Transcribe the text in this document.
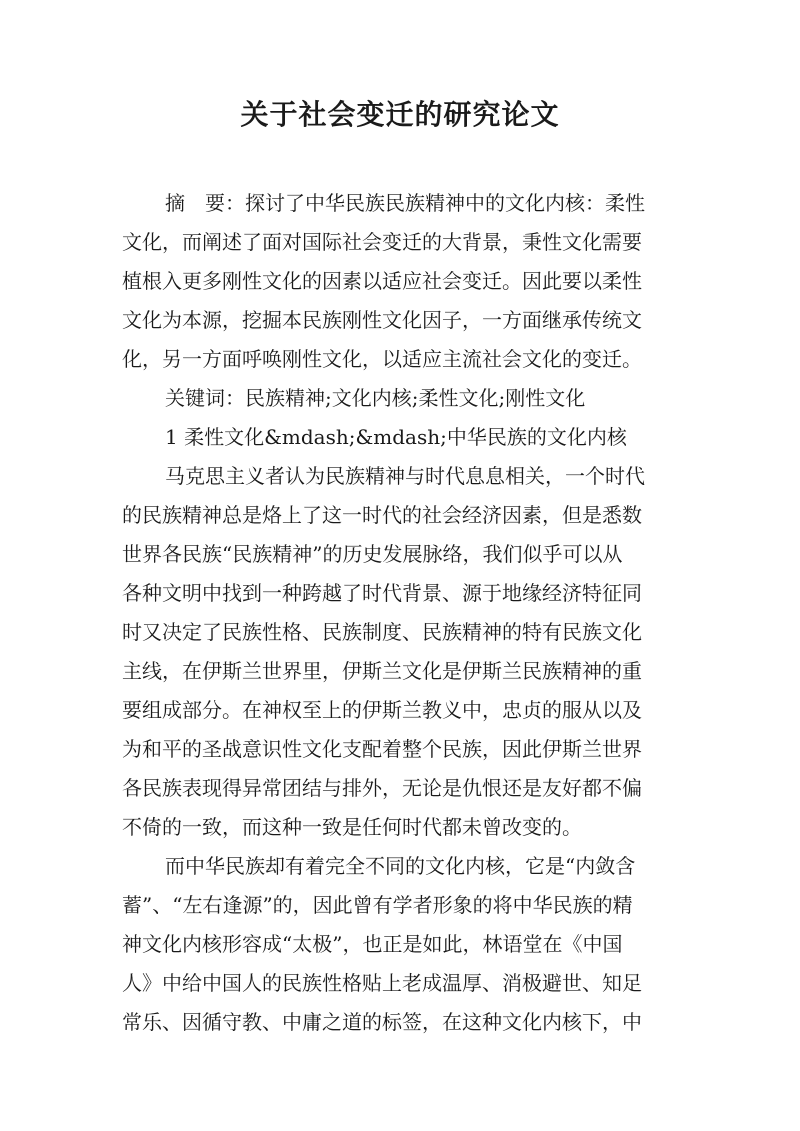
关于社会变迁的研究论文
摘　要：探讨了中华民族民族精神中的文化内核：柔性
文化，而阐述了面对国际社会变迁的大背景，秉性文化需要
植根入更多刚性文化的因素以适应社会变迁。因此要以柔性
文化为本源，挖掘本民族刚性文化因子，一方面继承传统文
化，另一方面呼唤刚性文化，以适应主流社会文化的变迁。
关键词：民族精神;文化内核;柔性文化;刚性文化
1 柔性文化&mdash;&mdash;中华民族的文化内核
马克思主义者认为民族精神与时代息息相关，一个时代
的民族精神总是烙上了这一时代的社会经济因素，但是悉数
世界各民族“民族精神”的历史发展脉络，我们似乎可以从
各种文明中找到一种跨越了时代背景、源于地缘经济特征同
时又决定了民族性格、民族制度、民族精神的特有民族文化
主线，在伊斯兰世界里，伊斯兰文化是伊斯兰民族精神的重
要组成部分。在神权至上的伊斯兰教义中，忠贞的服从以及
为和平的圣战意识性文化支配着整个民族，因此伊斯兰世界
各民族表现得异常团结与排外，无论是仇恨还是友好都不偏
不倚的一致，而这种一致是任何时代都未曾改变的。
而中华民族却有着完全不同的文化内核，它是“内敛含
蓄”、“左右逢源”的，因此曾有学者形象的将中华民族的精
神文化内核形容成“太极”，也正是如此，林语堂在《中国
人》中给中国人的民族性格贴上老成温厚、消极避世、知足
常乐、因循守教、中庸之道的标签，在这种文化内核下，中
